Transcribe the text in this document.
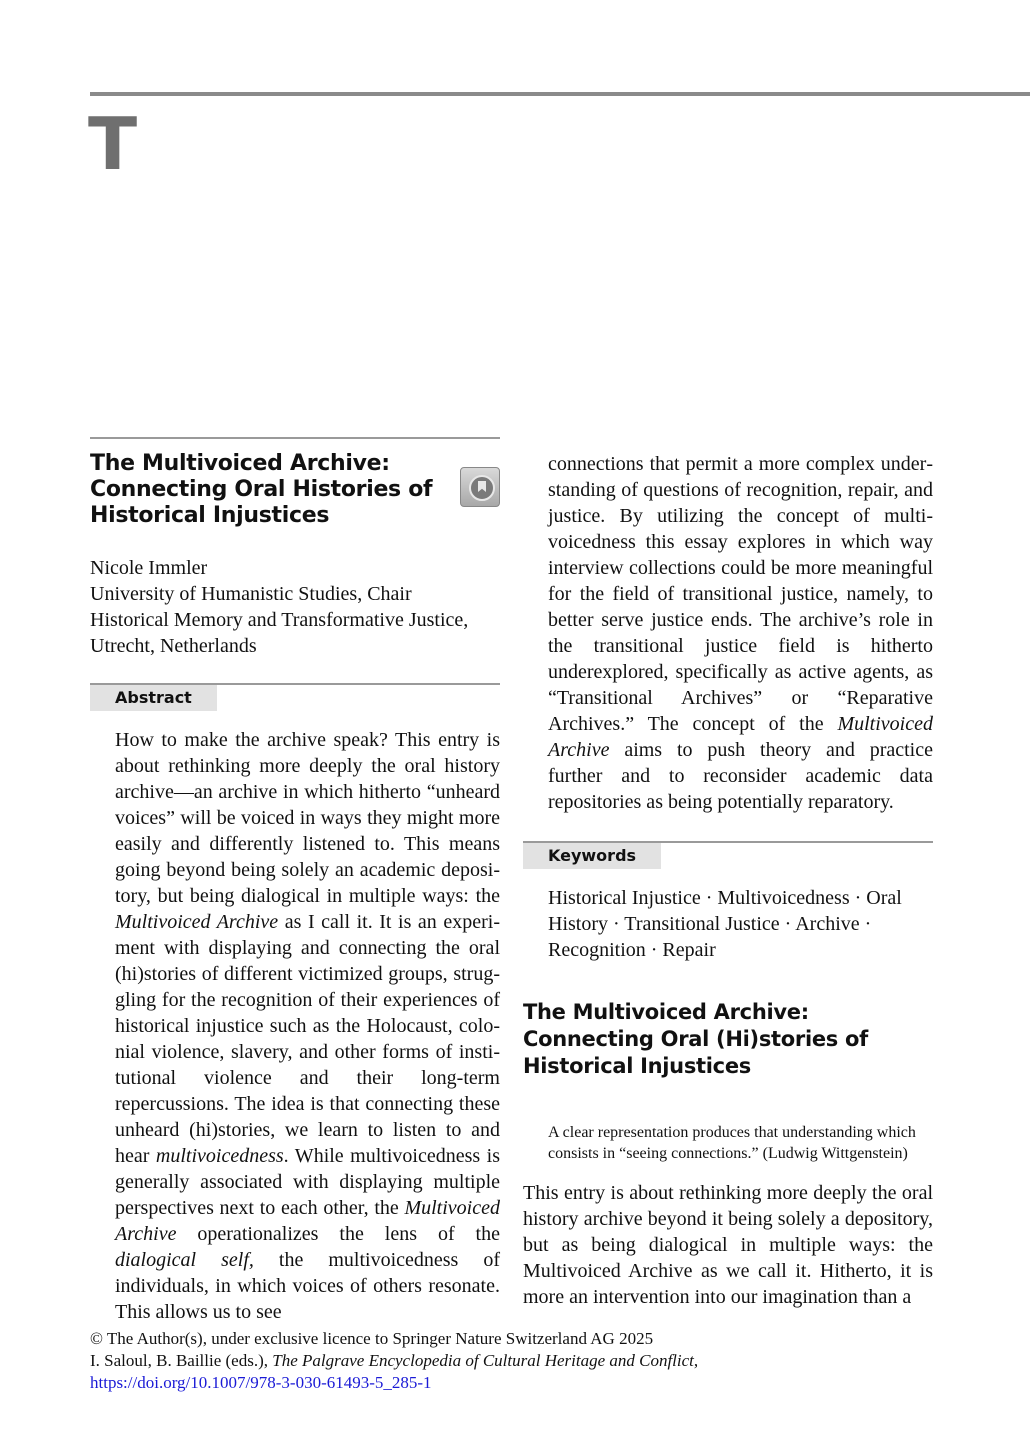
T
The Multivoiced Archive: Connecting Oral Histories of Historical Injustices
Nicole Immler
University of Humanistic Studies, Chair
Historical Memory and Transformative Justice,
Utrecht, Netherlands
Abstract

How to make the archive speak? This entry is about rethinking more deeply the oral history archive—an archive in which hitherto “unheard voices” will be voiced in ways they might more easily and differently listened to. This means going beyond being solely an academic depository, but being dialogical in multiple ways: the Multivoiced Archive as I call it. It is an experiment with displaying and connecting the oral (hi)stories of different victimized groups, struggling for the recognition of their experiences of historical injustice such as the Holocaust, colonial violence, slavery, and other forms of institutional violence and their long-term repercussions. The idea is that connecting these unheard (hi)stories, we learn to listen to and hear multivoicedness. While multivoicedness is generally associated with displaying multiple perspectives next to each other, the Multivoiced Archive operationalizes the lens of the dialogical self, the multivoicedness of individuals, in which voices of others resonate. This allows us to see

connections that permit a more complex understanding of questions of recognition, repair, and justice. By utilizing the concept of multivoicedness this essay explores in which way interview collections could be more meaningful for the field of transitional justice, namely, to better serve justice ends. The archive’s role in the transitional justice field is hitherto underexplored, specifically as active agents, as “Transitional Archives” or “Reparative Archives.” The concept of the Multivoiced Archive aims to push theory and practice further and to reconsider academic data repositories as being potentially reparatory.

Keywords

Historical Injustice · Multivoicedness · Oral History · Transitional Justice · Archive · Recognition · Repair

The Multivoiced Archive: Connecting Oral (Hi)stories of Historical Injustices

A clear representation produces that understanding which consists in “seeing connections.” (Ludwig Wittgenstein)

This entry is about rethinking more deeply the oral history archive beyond it being solely a depository, but as being dialogical in multiple ways: the Multivoiced Archive as we call it. Hitherto, it is more an intervention into our imagination than a

© The Author(s), under exclusive licence to Springer Nature Switzerland AG 2025
I. Saloul, B. Baillie (eds.), The Palgrave Encyclopedia of Cultural Heritage and Conflict,
https://doi.org/10.1007/978-3-030-61493-5_285-1
